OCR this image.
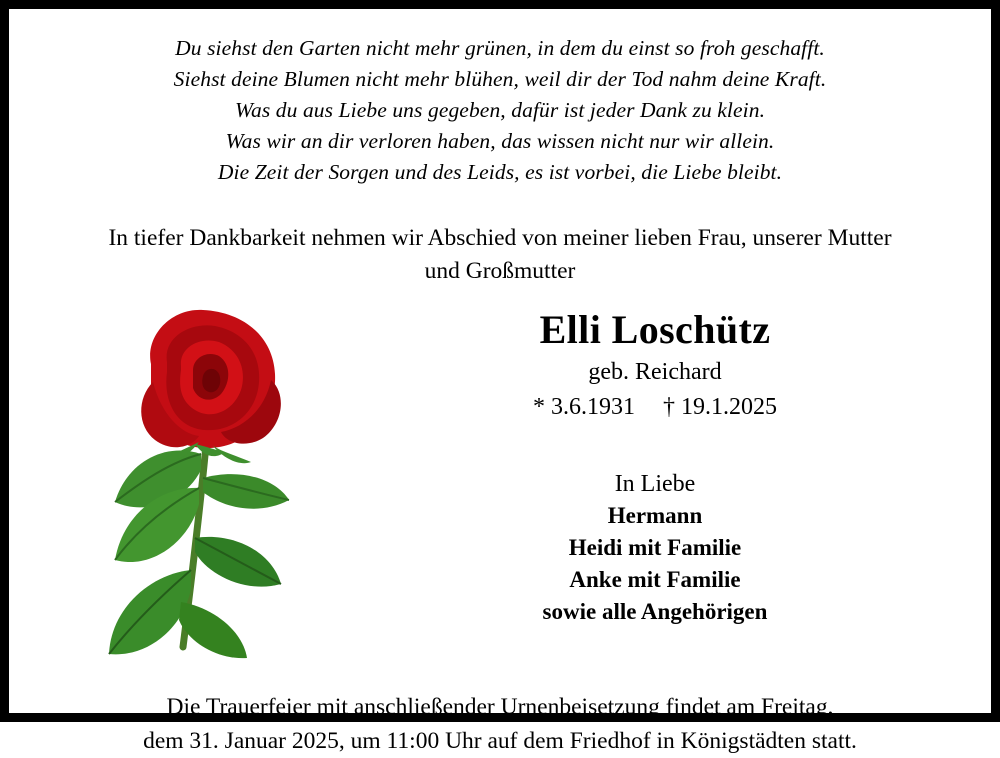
Du siehst den Garten nicht mehr grünen, in dem du einst so froh geschafft.
Siehst deine Blumen nicht mehr blühen, weil dir der Tod nahm deine Kraft.
Was du aus Liebe uns gegeben, dafür ist jeder Dank zu klein.
Was wir an dir verloren haben, das wissen nicht nur wir allein.
Die Zeit der Sorgen und des Leids, es ist vorbei, die Liebe bleibt.
In tiefer Dankbarkeit nehmen wir Abschied von meiner lieben Frau, unserer Mutter
und Großmutter
Elli Loschütz
geb. Reichard
* 3.6.1931 † 19.1.2025
In Liebe
Hermann
Heidi mit Familie
Anke mit Familie
sowie alle Angehörigen
Die Trauerfeier mit anschließender Urnenbeisetzung findet am Freitag,
dem 31. Januar 2025, um 11:00 Uhr auf dem Friedhof in Königstädten statt.
